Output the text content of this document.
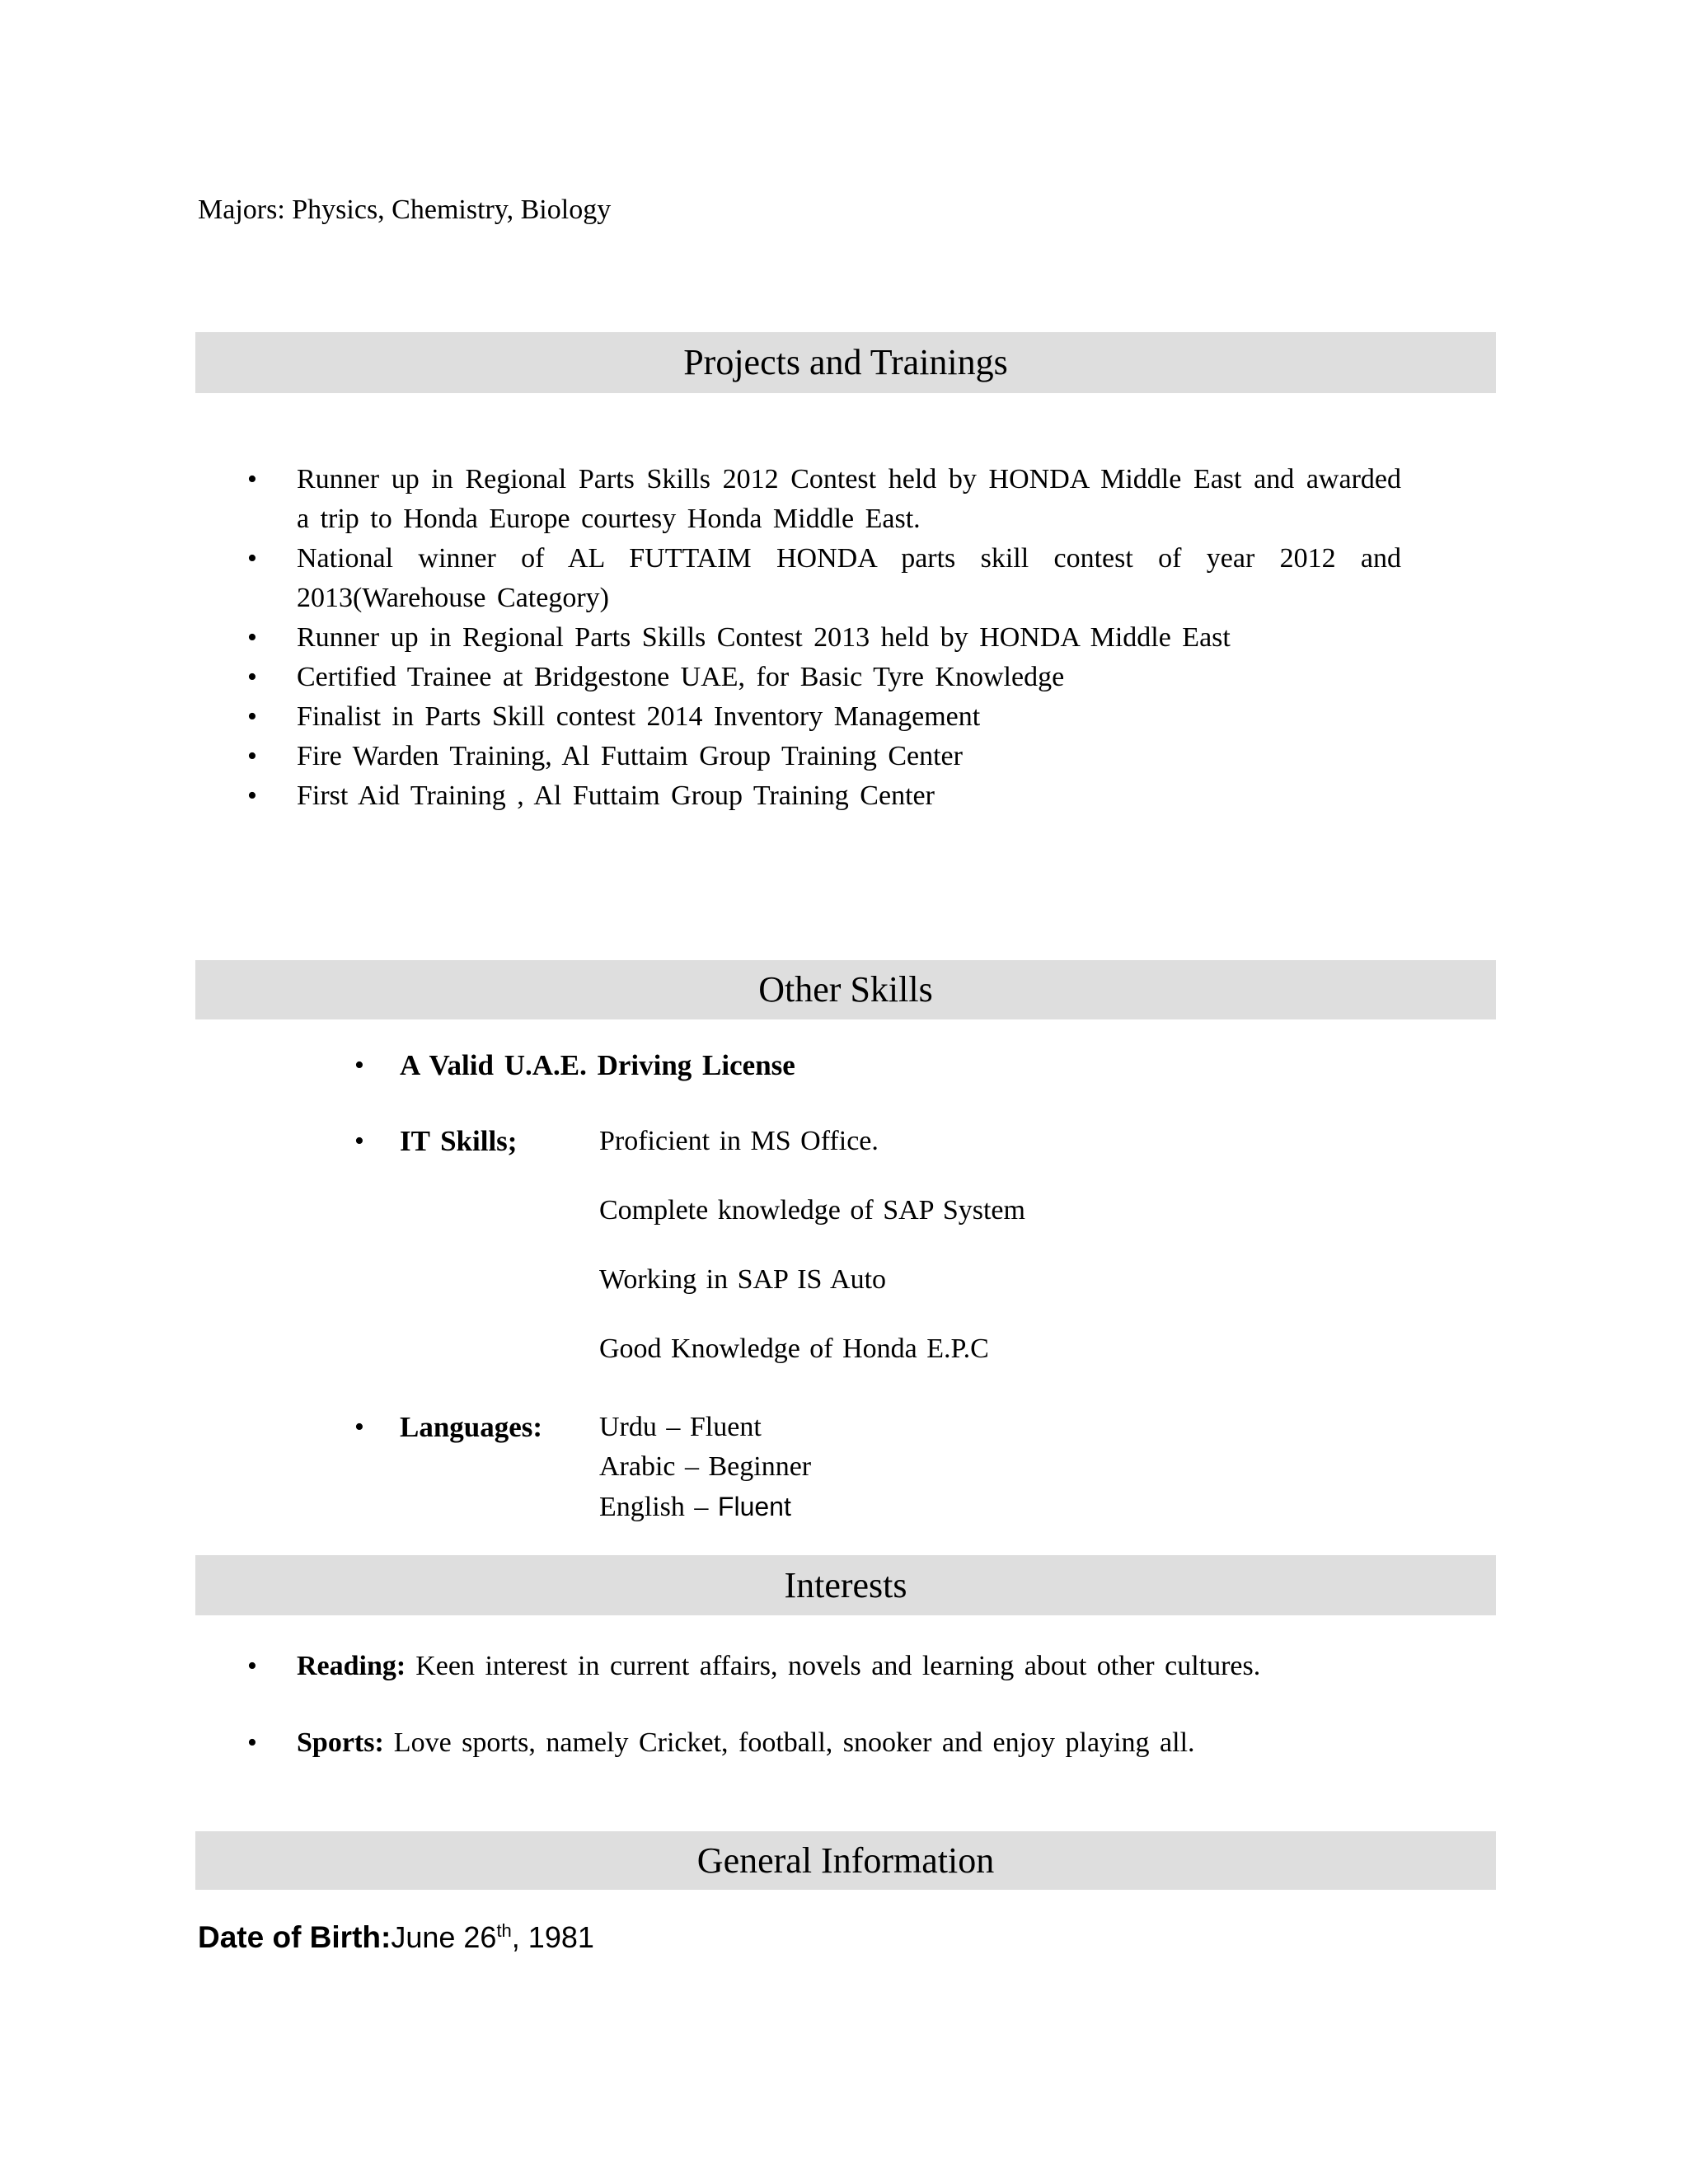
Majors: Physics, Chemistry, Biology

Projects and Trainings
• Runner up in Regional Parts Skills 2012 Contest held by HONDA Middle East and awarded a trip to Honda Europe courtesy Honda Middle East.
• National winner of AL FUTTAIM HONDA parts skill contest of year 2012 and 2013(Warehouse Category)
• Runner up in Regional Parts Skills Contest 2013 held by HONDA Middle East
• Certified Trainee at Bridgestone UAE, for Basic Tyre Knowledge
• Finalist in Parts Skill contest 2014 Inventory Management
• Fire Warden Training, Al Futtaim Group Training Center
• First Aid Training , Al Futtaim Group Training Center
Other Skills
• A Valid U.A.E. Driving License
• IT Skills;	Proficient in MS Office.

Complete knowledge of SAP System

Working in SAP IS Auto

Good Knowledge of Honda E.P.C

• Languages: Urdu – Fluent

Arabic – Beginner

English – Fluent

Interests
• Reading: Keen interest in current affairs, novels and learning about other cultures.
• Sports: Love sports, namely Cricket, football, snooker and enjoy playing all.
General Information

Date of Birth:June 26th, 1981
